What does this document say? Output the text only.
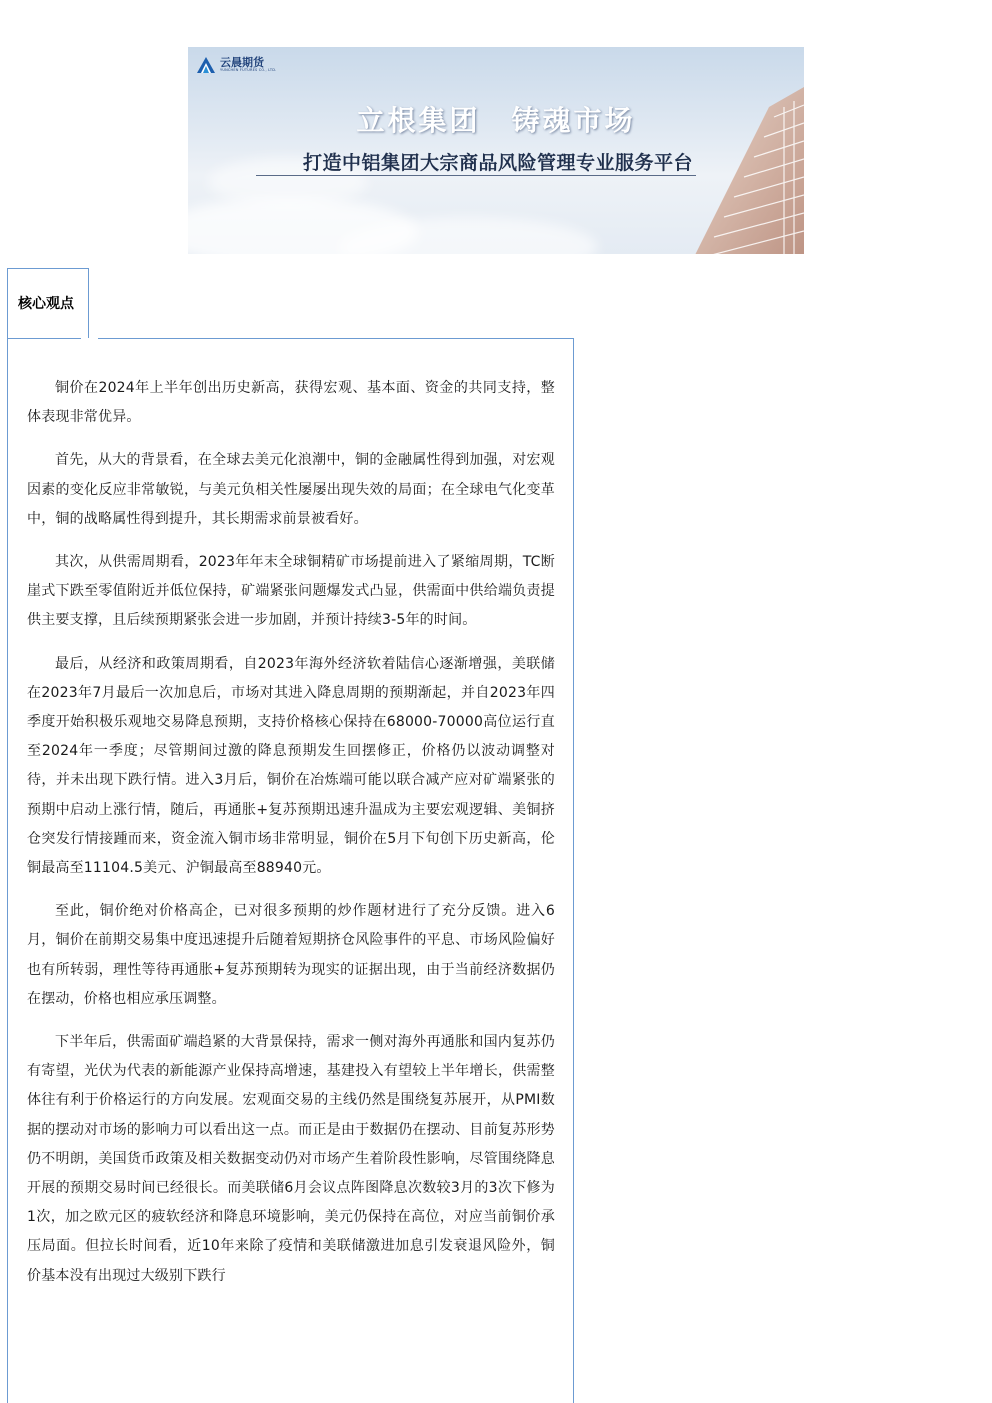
云晨期货
YUNCHEN FUTURES CO., LTD.
立根集团　铸魂市场
打造中铝集团大宗商品风险管理专业服务平台
核心观点

铜价在2024年上半年创出历史新高，获得宏观、基本面、资金的共同支持，整体表现非常优异。

首先，从大的背景看，在全球去美元化浪潮中，铜的金融属性得到加强，对宏观因素的变化反应非常敏锐，与美元负相关性屡屡出现失效的局面；在全球电气化变革中，铜的战略属性得到提升，其长期需求前景被看好。

其次，从供需周期看，2023年年末全球铜精矿市场提前进入了紧缩周期，TC断崖式下跌至零值附近并低位保持，矿端紧张问题爆发式凸显，供需面中供给端负责提供主要支撑，且后续预期紧张会进一步加剧，并预计持续3-5年的时间。

最后，从经济和政策周期看，自2023年海外经济软着陆信心逐渐增强，美联储在2023年7月最后一次加息后，市场对其进入降息周期的预期渐起，并自2023年四季度开始积极乐观地交易降息预期，支持价格核心保持在68000-70000高位运行直至2024年一季度；尽管期间过激的降息预期发生回摆修正，价格仍以波动调整对待，并未出现下跌行情。进入3月后，铜价在冶炼端可能以联合减产应对矿端紧张的预期中启动上涨行情，随后，再通胀+复苏预期迅速升温成为主要宏观逻辑、美铜挤仓突发行情接踵而来，资金流入铜市场非常明显，铜价在5月下旬创下历史新高，伦铜最高至11104.5美元、沪铜最高至88940元。

至此，铜价绝对价格高企，已对很多预期的炒作题材进行了充分反馈。进入6月，铜价在前期交易集中度迅速提升后随着短期挤仓风险事件的平息、市场风险偏好也有所转弱，理性等待再通胀+复苏预期转为现实的证据出现，由于当前经济数据仍在摆动，价格也相应承压调整。

下半年后，供需面矿端趋紧的大背景保持，需求一侧对海外再通胀和国内复苏仍有寄望，光伏为代表的新能源产业保持高增速，基建投入有望较上半年增长，供需整体往有利于价格运行的方向发展。宏观面交易的主线仍然是围绕复苏展开，从PMI数据的摆动对市场的影响力可以看出这一点。而正是由于数据仍在摆动、目前复苏形势仍不明朗，美国货币政策及相关数据变动仍对市场产生着阶段性影响，尽管围绕降息开展的预期交易时间已经很长。而美联储6月会议点阵图降息次数较3月的3次下修为1次，加之欧元区的疲软经济和降息环境影响，美元仍保持在高位，对应当前铜价承压局面。但拉长时间看，近10年来除了疫情和美联储激进加息引发衰退风险外，铜价基本没有出现过大级别下跌行
